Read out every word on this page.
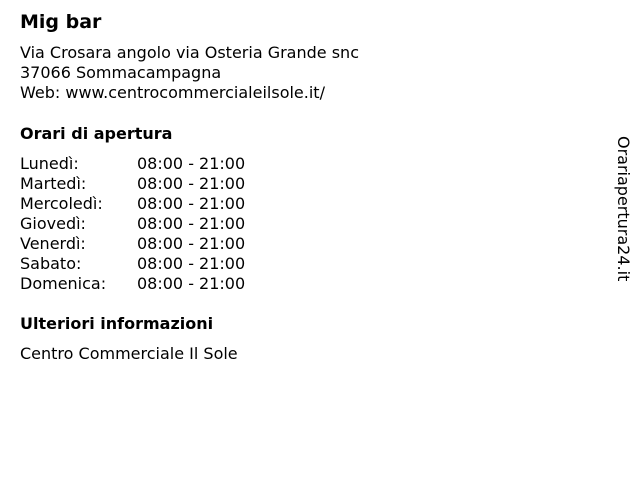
Mig bar
Via Crosara angolo via Osteria Grande snc
37066 Sommacampagna
Web: www.centrocommercialeilsole.it/
Orari di apertura
Lunedì:	08:00 - 21:00
Martedì:	08:00 - 21:00
Mercoledì: 08:00 - 21:00
Giovedì:	08:00 - 21:00
Venerdì:	08:00 - 21:00
Sabato:	08:00 - 21:00
Domenica: 08:00 - 21:00
Ulteriori informazioni
Centro Commerciale Il Sole
Orariapertura24.it
